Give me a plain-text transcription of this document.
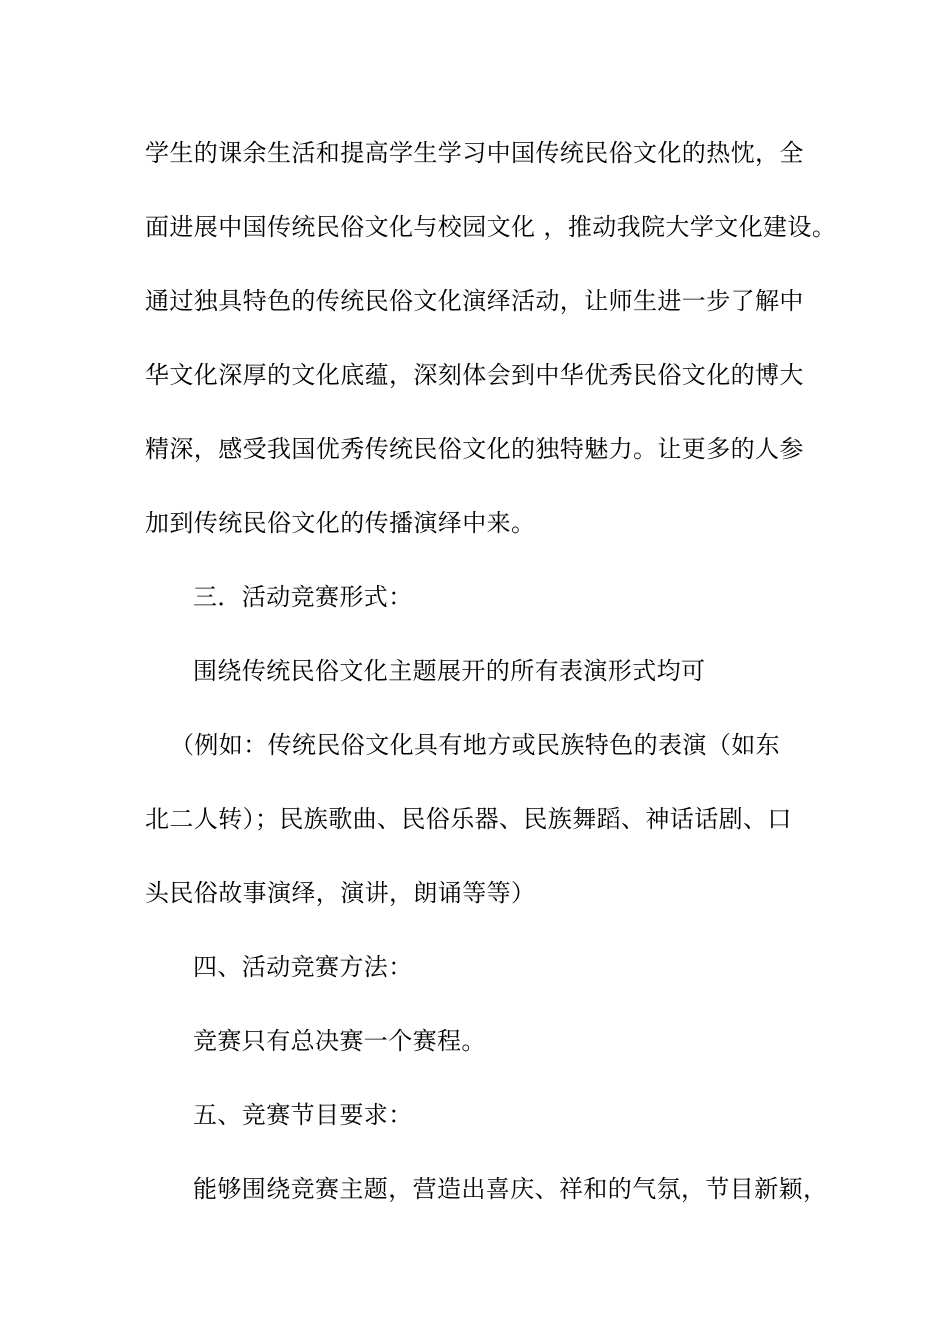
学生的课余生活和提高学生学习中国传统民俗文化的热忱，全
面进展中国传统民俗文化与校园文化 ，推动我院大学文化建设。
通过独具特色的传统民俗文化演绎活动，让师生进一步了解中
华文化深厚的文化底蕴，深刻体会到中华优秀民俗文化的博大
精深，感受我国优秀传统民俗文化的独特魅力。让更多的人参
加到传统民俗文化的传播演绎中来。
三．活动竞赛形式：
围绕传统民俗文化主题展开的所有表演形式均可
（例如：传统民俗文化具有地方或民族特色的表演（如东
北二人转）；民族歌曲、民俗乐器、民族舞蹈、神话话剧、口
头民俗故事演绎，演讲，朗诵等等）
四、活动竞赛方法：
竞赛只有总决赛一个赛程。
五、竞赛节目要求：
能够围绕竞赛主题，营造出喜庆、祥和的气氛，节目新颖，
